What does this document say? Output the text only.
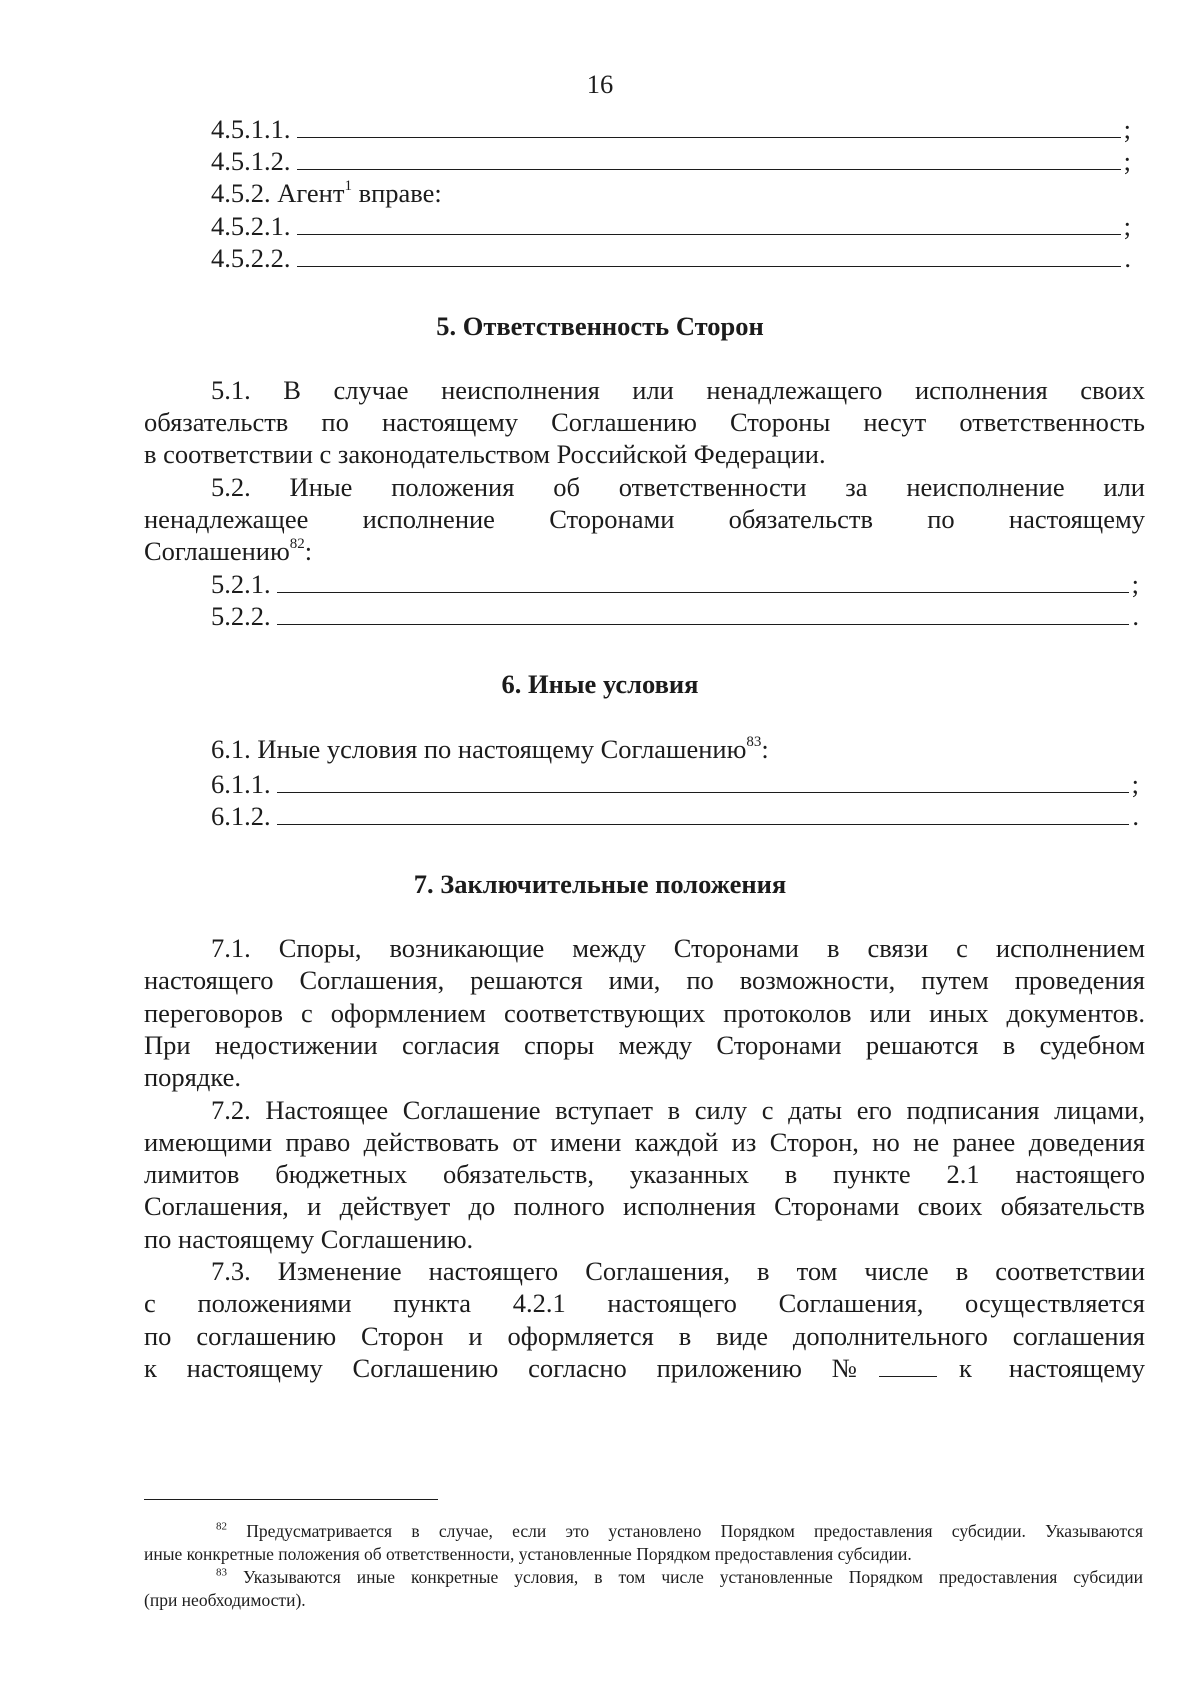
16
4.5.1.1.	;
4.5.1.2.	;
4.5.2. Агент$^1$ вправе:
4.5.2.1.	;
4.5.2.2.	.
5. Ответственность Сторон
5.1. В случае неисполнения или ненадлежащего исполнения своих
обязательств по настоящему Соглашению Стороны несут ответственность
в соответствии с законодательством Российской Федерации.
5.2. Иные положения об ответственности за неисполнение или
ненадлежащее исполнение Сторонами обязательств по настоящему
Соглашению$^{82}$:
5.2.1.	;
5.2.2.	.
6. Иные условия
6.1. Иные условия по настоящему Соглашению$^{83}$:
6.1.1.	;
6.1.2.	.
7. Заключительные положения
7.1. Споры, возникающие между Сторонами в связи с исполнением
настоящего Соглашения, решаются ими, по возможности, путем проведения
переговоров с оформлением соответствующих протоколов или иных документов.
При недостижении согласия споры между Сторонами решаются в судебном
порядке.
7.2. Настоящее Соглашение вступает в силу с даты его подписания лицами,
имеющими право действовать от имени каждой из Сторон, но не ранее доведения
лимитов бюджетных обязательств, указанных в пункте 2.1 настоящего
Соглашения, и действует до полного исполнения Сторонами своих обязательств
по настоящему Соглашению.
7.3. Изменение настоящего Соглашения, в том числе в соответствии
с положениями пункта 4.2.1 настоящего Соглашения, осуществляется
по соглашению Сторон и оформляется в виде дополнительного соглашения
к настоящему Соглашению согласно приложению №	к настоящему
$^{82}$ Предусматривается в случае, если это установлено Порядком предоставления субсидии. Указываются
иные конкретные положения об ответственности, установленные Порядком предоставления субсидии.
$^{83}$ Указываются иные конкретные условия, в том числе установленные Порядком предоставления субсидии
(при необходимости).
